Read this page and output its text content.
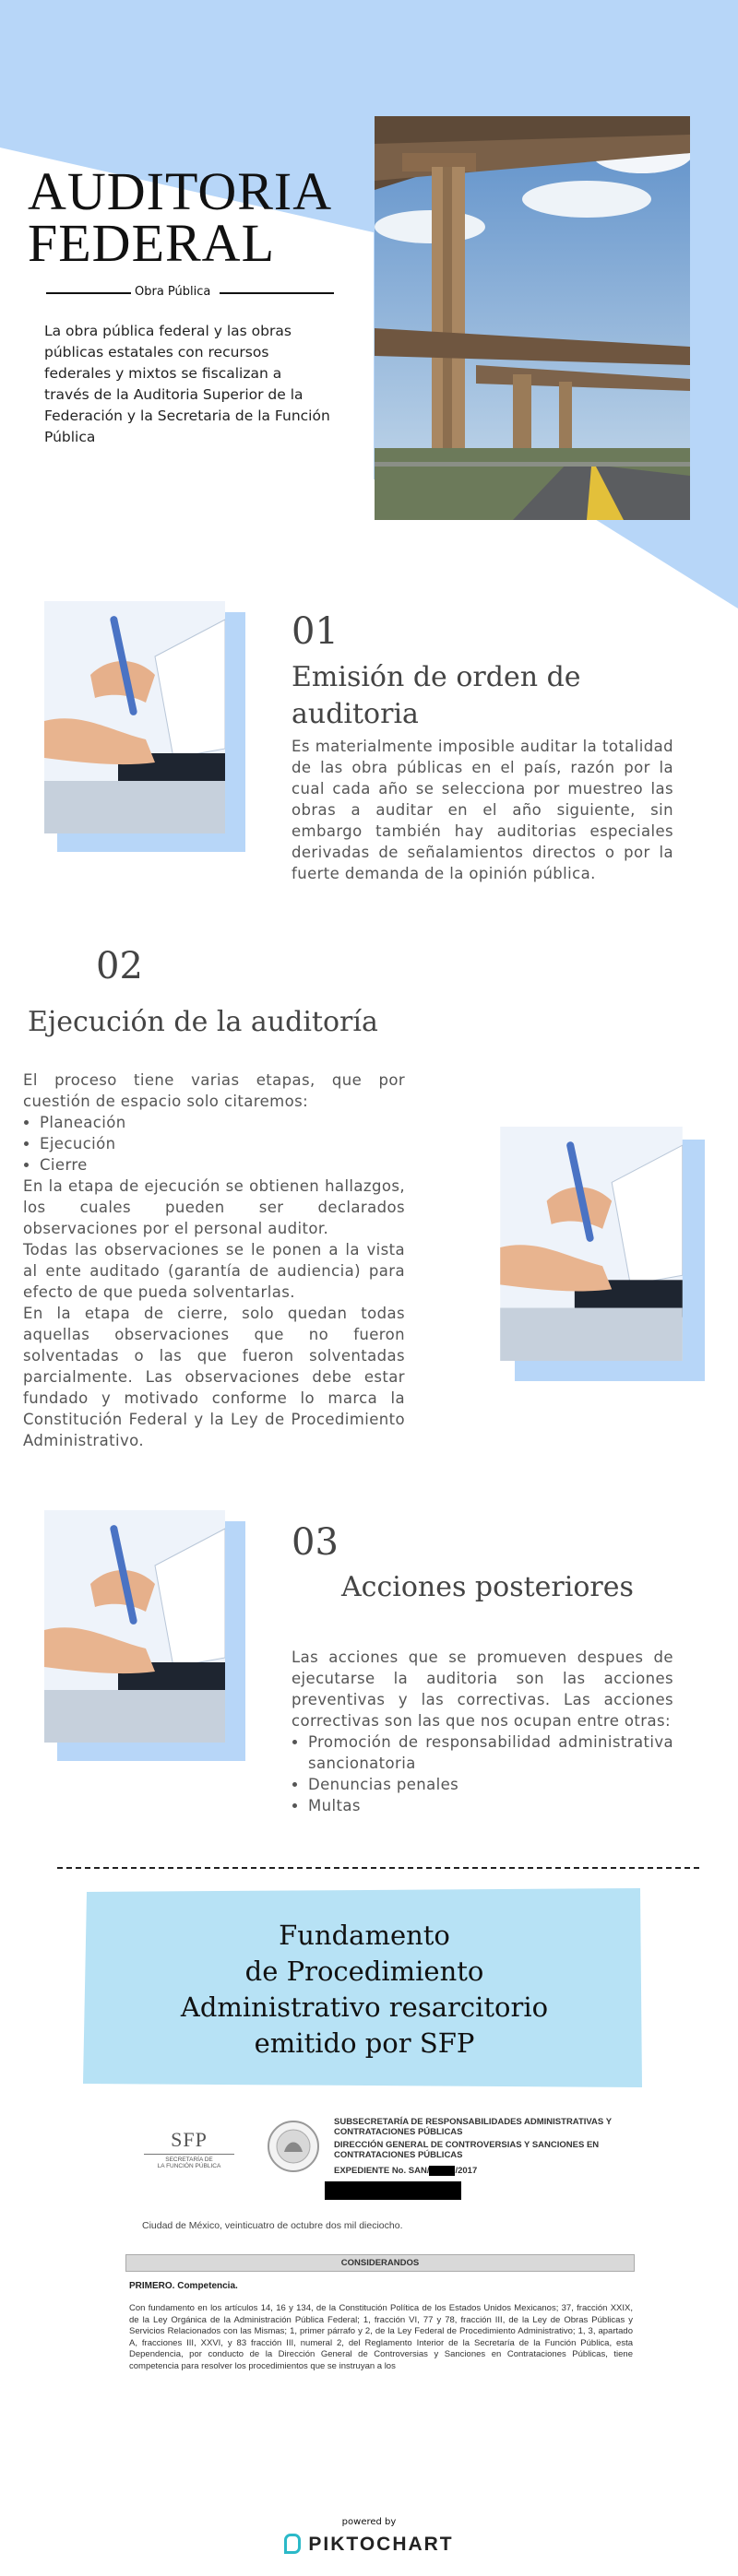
AUDITORIA
FEDERAL
Obra Pública
La obra pública federal y las obras públicas estatales con recursos federales y mixtos se fiscalizan a través de la Auditoria Superior de la Federación y la Secretaria de la Función Pública
01
Emisión de orden de auditoria
Es materialmente imposible auditar la totalidad de las obra públicas en el país, razón por la cual cada año se selecciona por muestreo las obras a auditar en el año siguiente, sin embargo también hay auditorias especiales derivadas de señalamientos directos o por la fuerte demanda de la opinión pública.
02
Ejecución de la auditoría
El proceso tiene varias etapas, que por cuestión de espacio solo citaremos:
• Planeación
• Ejecución
• Cierre
En la etapa de ejecución se obtienen hallazgos, los cuales pueden ser declarados observaciones por el personal auditor.
Todas las observaciones se le ponen a la vista al ente auditado (garantía de audiencia) para efecto de que pueda solventarlas.
En la etapa de cierre, solo quedan todas aquellas observaciones que no fueron solventadas o las que fueron solventadas parcialmente. Las observaciones debe estar fundado y motivado conforme lo marca la Constitución Federal y la Ley de Procedimiento Administrativo.
03
Acciones posteriores
Las acciones que se promueven despues de ejecutarse la auditoria son las acciones preventivas y las correctivas. Las acciones correctivas son las que nos ocupan entre otras:
• Promoción de responsabilidad administrativa sancionatoria
• Denuncias penales
• Multas
Fundamento
de Procedimiento
Administrativo resarcitorio
emitido por SFP
SFP
SECRETARÍA DE
LA FUNCIÓN PÚBLICA
SUBSECRETARÍA DE RESPONSABILIDADES ADMINISTRATIVAS Y CONTRATACIONES PÚBLICAS
DIRECCIÓN GENERAL DE CONTROVERSIAS Y SANCIONES EN CONTRATACIONES PÚBLICAS
EXPEDIENTE No. SAN/	/2017
Ciudad de México, veinticuatro de octubre dos mil dieciocho.
CONSIDERANDOS
PRIMERO. Competencia.
Con fundamento en los artículos 14, 16 y 134, de la Constitución Política de los Estados Unidos Mexicanos; 37, fracción XXIX, de la Ley Orgánica de la Administración Pública Federal; 1, fracción VI, 77 y 78, fracción III, de la Ley de Obras Públicas y Servicios Relacionados con las Mismas; 1, primer párrafo y 2, de la Ley Federal de Procedimiento Administrativo; 1, 3, apartado A, fracciones III, XXVI, y 83 fracción III, numeral 2, del Reglamento Interior de la Secretaría de la Función Pública, esta Dependencia, por conducto de la Dirección General de Controversias y Sanciones en Contrataciones Públicas, tiene competencia para resolver los procedimientos que se instruyan a los
powered by
PIKTOCHART
